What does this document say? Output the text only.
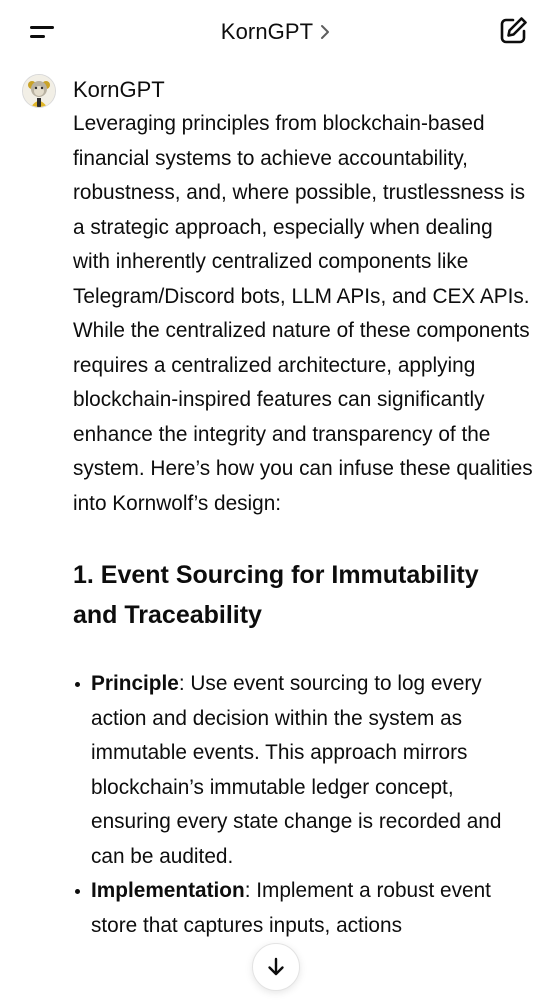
KornGPT
KornGPT

Leveraging principles from blockchain-based financial systems to achieve accountability, robustness, and, where possible, trustlessness is a strategic approach, especially when dealing with inherently centralized components like Telegram/Discord bots, LLM APIs, and CEX APIs. While the centralized nature of these components requires a centralized architecture, applying blockchain-inspired features can significantly enhance the integrity and transparency of the system. Here’s how you can infuse these qualities into Kornwolf’s design:

1. Event Sourcing for Immutability and Traceability
Principle: Use event sourcing to log every action and decision within the system as immutable events. This approach mirrors blockchain’s immutable ledger concept, ensuring every state change is recorded and can be audited.
Implementation: Implement a robust event store that captures inputs, actions
